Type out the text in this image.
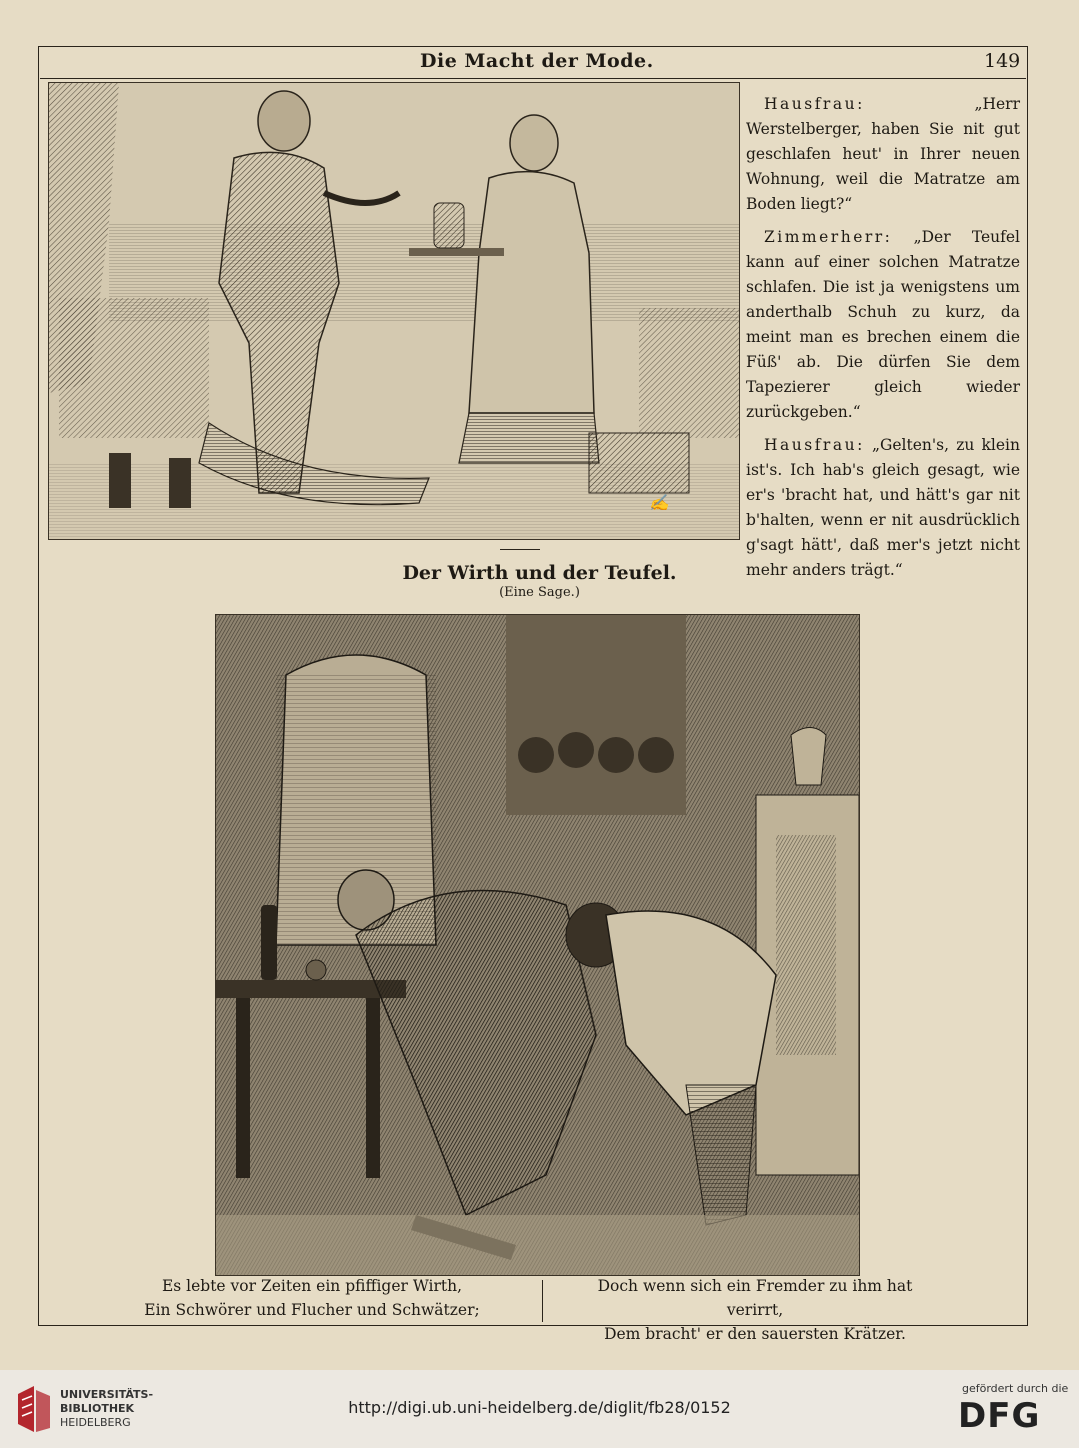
Die Macht der Mode.	149
✍

Hausfrau: „Herr Werstelberger, haben Sie nit gut geschlafen heut' in Ihrer neuen Wohnung, weil die Matratze am Boden liegt?“

Zimmerherr: „Der Teufel kann auf einer solchen Matratze schlafen. Die ist ja wenigstens um anderthalb Schuh zu kurz, da meint man es brechen einem die Füß' ab. Die dürfen Sie dem Tapezierer gleich wieder zurückgeben.“

Hausfrau: „Gelten's, zu klein ist's. Ich hab's gleich gesagt, wie er's 'bracht hat, und hätt's gar nit b'halten, wenn er nit ausdrücklich g'sagt hätt', daß mer's jetzt nicht mehr anders trägt.“

Der Wirth und der Teufel.
(Eine Sage.)
Es lebte vor Zeiten ein pfiffiger Wirth,
Ein Schwörer und Flucher und Schwätzer;
Doch wenn sich ein Fremder zu ihm hat verirrt,
Dem bracht' er den sauersten Krätzer.
UNIVERSITÄTS-
BIBLIOTHEK
HEIDELBERG
http://digi.ub.uni-heidelberg.de/diglit/fb28/0152
gefördert durch die
DFG
